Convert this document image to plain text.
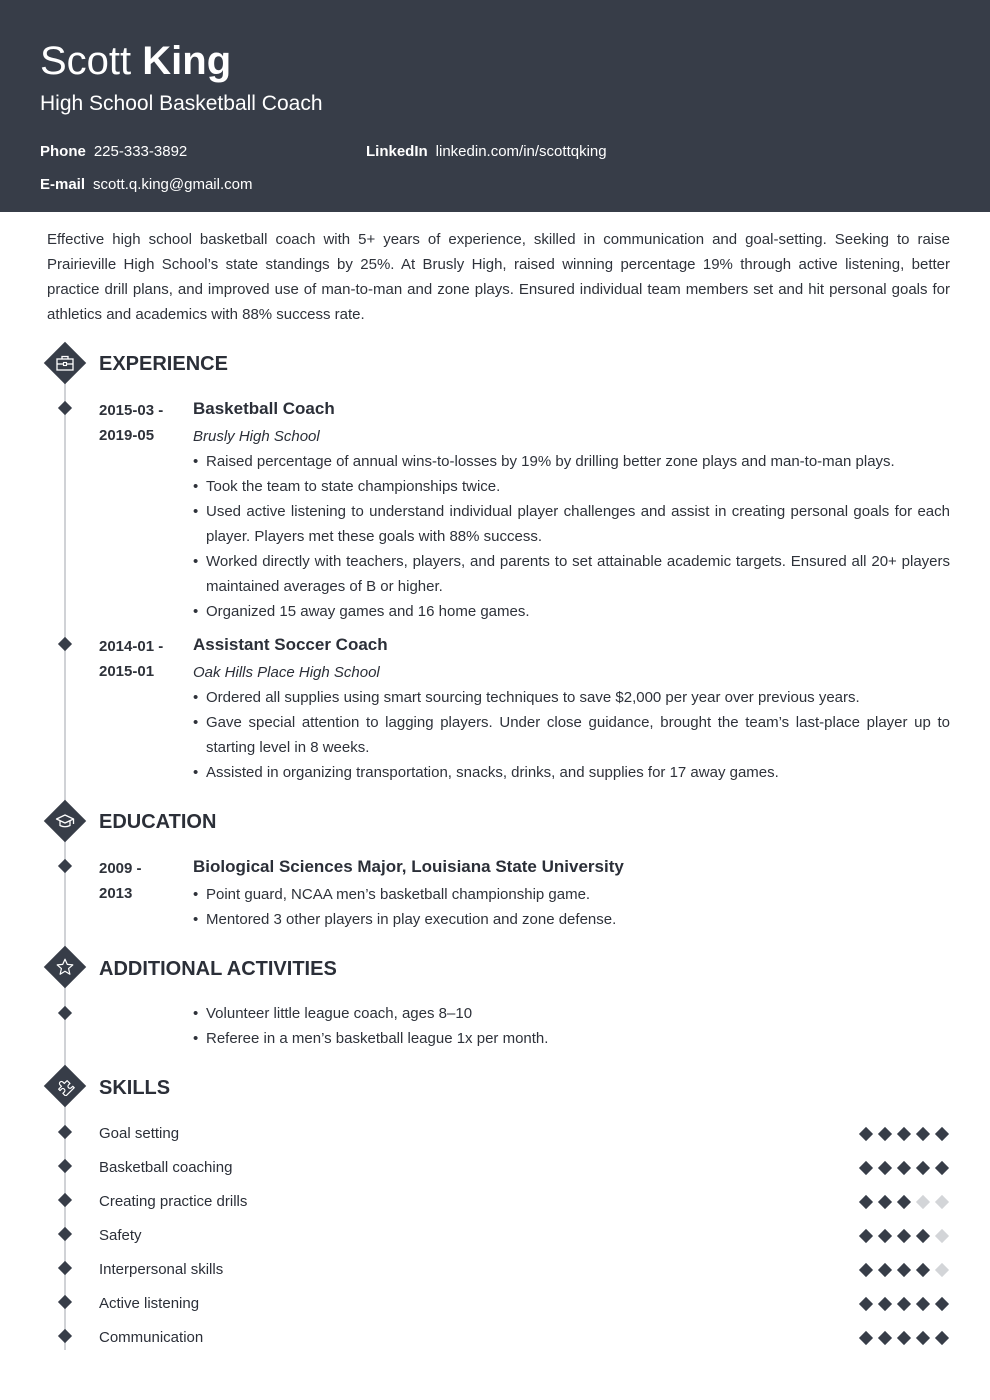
Scott King
High School Basketball Coach
Phone 225-333-3892	LinkedIn linkedin.com/in/scottqking
E-mail scott.q.king@gmail.com

Effective high school basketball coach with 5+ years of experience, skilled in communication and goal-setting. Seeking to raise Prairieville High School’s state standings by 25%. At Brusly High, raised winning percentage 19% through active listening, better practice drill plans, and improved use of man-to-man and zone plays. Ensured individual team members set and hit personal goals for athletics and academics with 88% success rate.

EXPERIENCE
2015-03 -
2019-05
Basketball Coach
Brusly High School
• Raised percentage of annual wins-to-losses by 19% by drilling better zone plays and man-to-man plays.
• Took the team to state championships twice.
• Used active listening to understand individual player challenges and assist in creating personal goals for each player. Players met these goals with 88% success.
• Worked directly with teachers, players, and parents to set attainable academic targets. Ensured all 20+ players maintained averages of B or higher.
• Organized 15 away games and 16 home games.
2014-01 -
2015-01
Assistant Soccer Coach
Oak Hills Place High School
• Ordered all supplies using smart sourcing techniques to save $2,000 per year over previous years.
• Gave special attention to lagging players. Under close guidance, brought the team’s last-place player up to starting level in 8 weeks.
• Assisted in organizing transportation, snacks, drinks, and supplies for 17 away games.
EDUCATION
2009 -
2013
Biological Sciences Major, Louisiana State University
• Point guard, NCAA men’s basketball championship game.
• Mentored 3 other players in play execution and zone defense.
ADDITIONAL ACTIVITIES
• Volunteer little league coach, ages 8–10
• Referee in a men’s basketball league 1x per month.
SKILLS
Goal setting
Basketball coaching
Creating practice drills
Safety
Interpersonal skills
Active listening
Communication
